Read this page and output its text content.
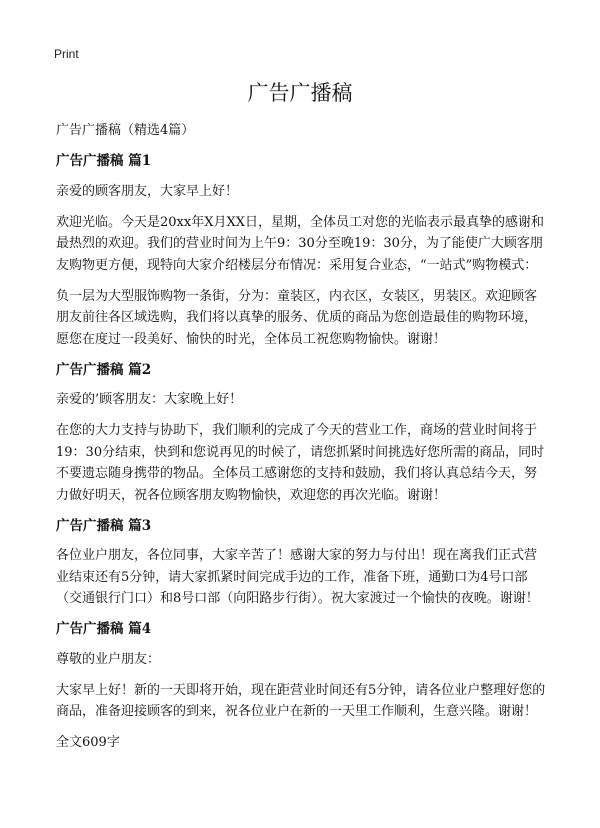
Print
广告广播稿

广告广播稿（精选4篇）

广告广播稿 篇1

亲爱的顾客朋友，大家早上好！

欢迎光临。今天是20xx年X月XX日，星期，全体员工对您的光临表示最真挚的感谢和最热烈的欢迎。我们的营业时间为上午9：30分至晚19：30分，为了能使广大顾客朋友购物更方便，现特向大家介绍楼层分布情况：采用复合业态，“一站式”购物模式：

负一层为大型服饰购物一条街，分为：童装区，内衣区，女装区，男装区。欢迎顾客朋友前往各区域选购，我们将以真挚的服务、优质的商品为您创造最佳的购物环境，愿您在度过一段美好、愉快的时光，全体员工祝您购物愉快。谢谢！

广告广播稿 篇2

亲爱的’顾客朋友：大家晚上好！

在您的大力支持与协助下，我们顺利的完成了今天的营业工作，商场的营业时间将于19：30分结束，快到和您说再见的时候了，请您抓紧时间挑选好您所需的商品，同时不要遗忘随身携带的物品。全体员工感谢您的支持和鼓励，我们将认真总结今天，努力做好明天，祝各位顾客朋友购物愉快，欢迎您的再次光临。谢谢！

广告广播稿 篇3

各位业户朋友，各位同事，大家辛苦了！感谢大家的努力与付出！现在离我们正式营业结束还有5分钟，请大家抓紧时间完成手边的工作，准备下班，通勤口为4号口部（交通银行门口）和8号口部（向阳路步行街）。祝大家渡过一个愉快的夜晚。谢谢！

广告广播稿 篇4

尊敬的业户朋友：

大家早上好！新的一天即将开始，现在距营业时间还有5分钟，请各位业户整理好您的商品，准备迎接顾客的到来，祝各位业户在新的一天里工作顺利，生意兴隆。谢谢！

全文609字
